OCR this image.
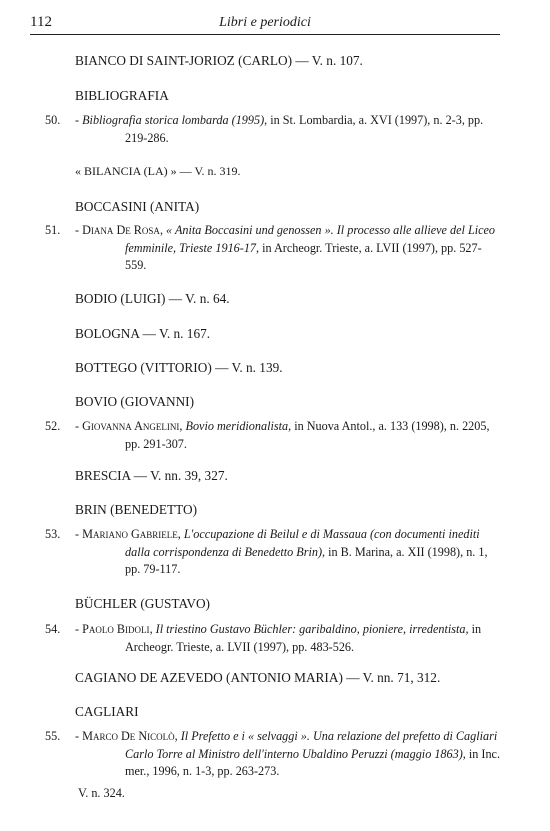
112	Libri e periodici
BIANCO DI SAINT-JORIOZ (CARLO) — V. n. 107.
BIBLIOGRAFIA
50.	- Bibliografia storica lombarda (1995), in St. Lombardia, a. XVI (1997), n. 2-3, pp. 219-286.
« BILANCIA (LA) » — V. n. 319.
BOCCASINI (ANITA)
51.	- Diana De Rosa, « Anita Boccasini und genossen ». Il processo alle allieve del Liceo femminile, Trieste 1916-17, in Archeogr. Trieste, a. LVII (1997), pp. 527-559.
BODIO (LUIGI) — V. n. 64.
BOLOGNA — V. n. 167.
BOTTEGO (VITTORIO) — V. n. 139.
BOVIO (GIOVANNI)
52.	- Giovanna Angelini, Bovio meridionalista, in Nuova Antol., a. 133 (1998), n. 2205, pp. 291-307.
BRESCIA — V. nn. 39, 327.
BRIN (BENEDETTO)
53.	- Mariano Gabriele, L'occupazione di Beilul e di Massaua (con documenti inediti dalla corrispondenza di Benedetto Brin), in B. Marina, a. XII (1998), n. 1, pp. 79-117.
BÜCHLER (GUSTAVO)
54.	- Paolo Bidoli, Il triestino Gustavo Büchler: garibaldino, pioniere, irredentista, in Archeogr. Trieste, a. LVII (1997), pp. 483-526.
CAGIANO DE AZEVEDO (ANTONIO MARIA) — V. nn. 71, 312.
CAGLIARI
55.	- Marco De Nicolò, Il Prefetto e i « selvaggi ». Una relazione del prefetto di Cagliari Carlo Torre al Ministro dell'interno Ubaldino Peruzzi (maggio 1863), in Inc. mer., 1996, n. 1-3, pp. 263-273.
V. n. 324.
